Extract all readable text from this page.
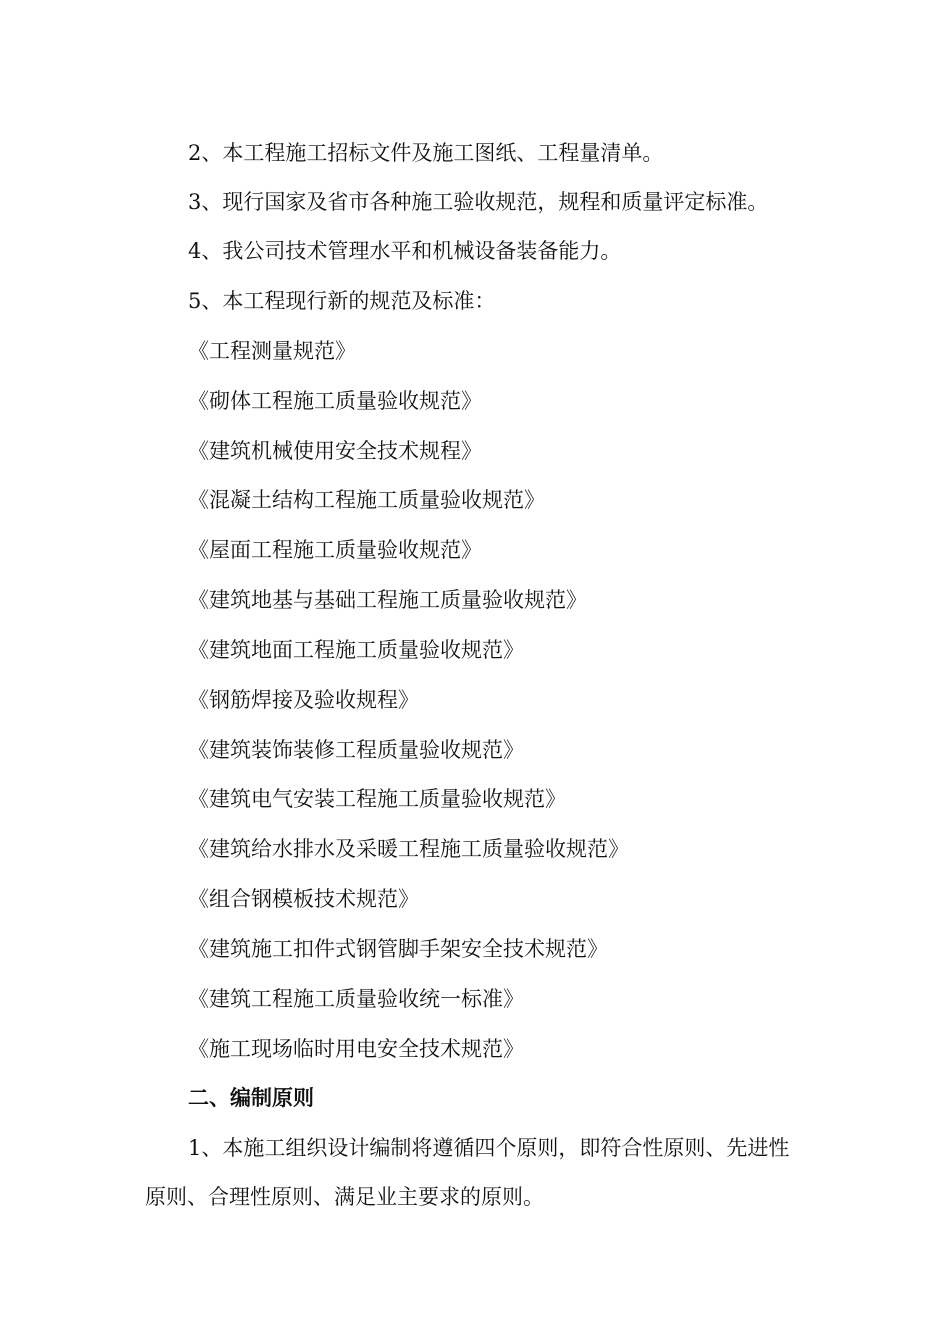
2、本工程施工招标文件及施工图纸、工程量清单。
3、现行国家及省市各种施工验收规范，规程和质量评定标准。
4、我公司技术管理水平和机械设备装备能力。
5、本工程现行新的规范及标准：
《工程测量规范》
《砌体工程施工质量验收规范》
《建筑机械使用安全技术规程》
《混凝土结构工程施工质量验收规范》
《屋面工程施工质量验收规范》
《建筑地基与基础工程施工质量验收规范》
《建筑地面工程施工质量验收规范》
《钢筋焊接及验收规程》
《建筑装饰装修工程质量验收规范》
《建筑电气安装工程施工质量验收规范》
《建筑给水排水及采暖工程施工质量验收规范》
《组合钢模板技术规范》
《建筑施工扣件式钢管脚手架安全技术规范》
《建筑工程施工质量验收统一标准》
《施工现场临时用电安全技术规范》
二、编制原则
1、本施工组织设计编制将遵循四个原则，即符合性原则、先进性
原则、合理性原则、满足业主要求的原则。
